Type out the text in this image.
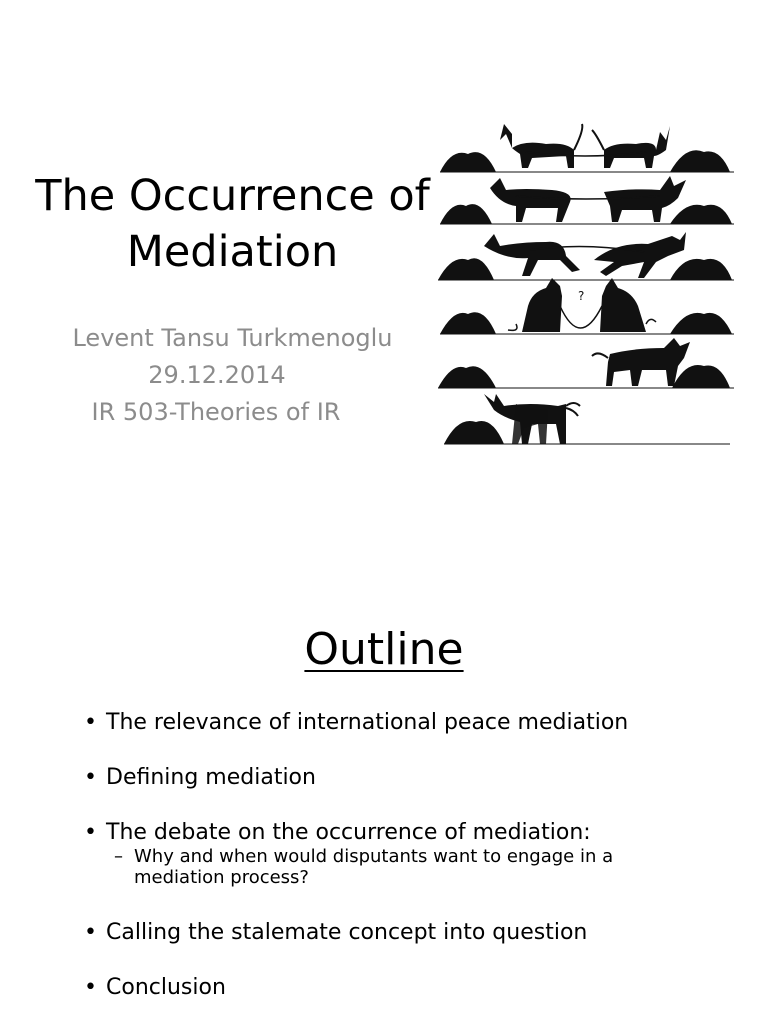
The Occurrence of
Mediation
Levent Tansu Turkmenoglu
29.12.2014
IR 503-Theories of IR
?
Outline
• The relevance of international peace mediation
• Defining mediation
• The debate on the occurrence of mediation:
– Why and when would disputants want to engage in a
mediation process?
• Calling the stalemate concept into question
• Conclusion
